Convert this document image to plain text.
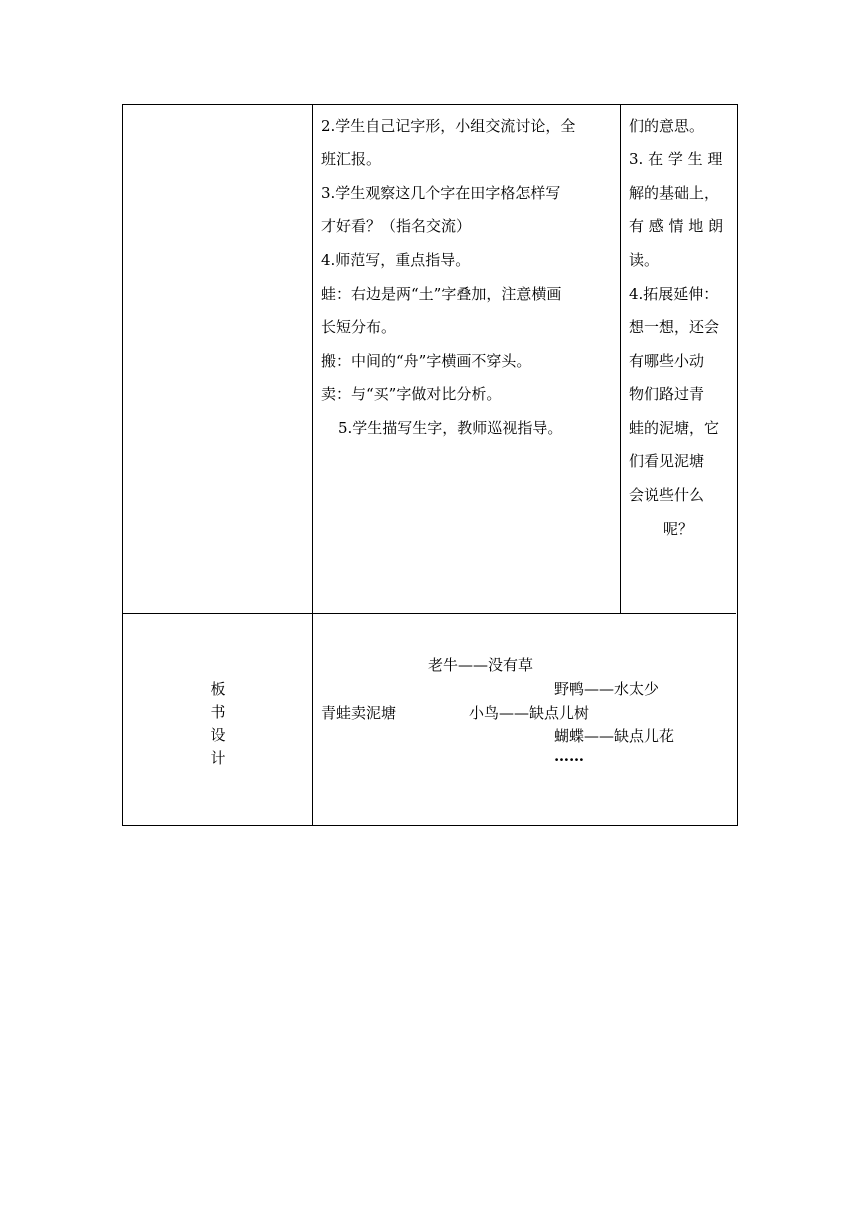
2.学生自己记字形，小组交流讨论，全
班汇报。
3.学生观察这几个字在田字格怎样写
才好看？（指名交流）
4.师范写，重点指导。
蛙：右边是两“土”字叠加，注意横画
长短分布。
搬：中间的“舟”字横画不穿头。
卖：与“买”字做对比分析。
5.学生描写生字，教师巡视指导。
们的意思。
3. 在 学 生 理
解的基础上，
有 感 情 地 朗
读。
4.拓展延伸：
想一想，还会
有哪些小动
物们路过青
蛙的泥塘，它
们看见泥塘
会说些什么
呢？
板
书
设
计
老牛——没有草
野鸭——水太少
青蛙卖泥塘	小鸟——缺点儿树
蝴蝶——缺点儿花
……
